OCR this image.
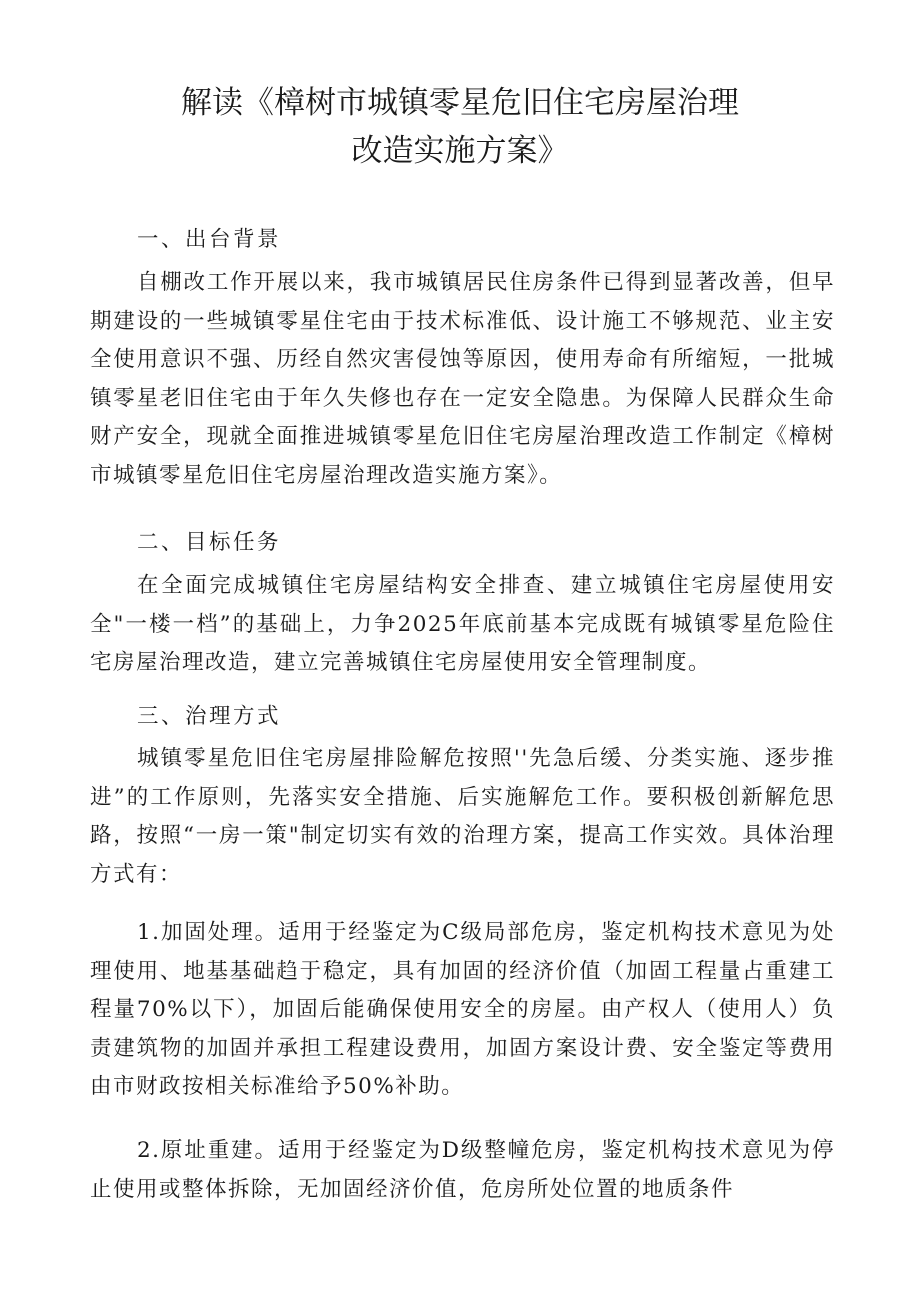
解读《樟树市城镇零星危旧住宅房屋治理
改造实施方案》

一、出台背景

自棚改工作开展以来，我市城镇居民住房条件已得到显著改善，但早期建设的一些城镇零星住宅由于技术标准低、设计施工不够规范、业主安全使用意识不强、历经自然灾害侵蚀等原因，使用寿命有所缩短，一批城镇零星老旧住宅由于年久失修也存在一定安全隐患。为保障人民群众生命财产安全，现就全面推进城镇零星危旧住宅房屋治理改造工作制定《樟树市城镇零星危旧住宅房屋治理改造实施方案》。

二、目标任务

在全面完成城镇住宅房屋结构安全排查、建立城镇住宅房屋使用安全"一楼一档”的基础上，力争2025年底前基本完成既有城镇零星危险住宅房屋治理改造，建立完善城镇住宅房屋使用安全管理制度。

三、治理方式

城镇零星危旧住宅房屋排险解危按照''先急后缓、分类实施、逐步推进”的工作原则，先落实安全措施、后实施解危工作。要积极创新解危思路，按照“一房一策"制定切实有效的治理方案，提高工作实效。具体治理方式有：

1.加固处理。适用于经鉴定为C级局部危房，鉴定机构技术意见为处理使用、地基基础趋于稳定，具有加固的经济价值（加固工程量占重建工程量70%以下），加固后能确保使用安全的房屋。由产权人（使用人）负责建筑物的加固并承担工程建设费用，加固方案设计费、安全鉴定等费用由市财政按相关标准给予50%补助。

2.原址重建。适用于经鉴定为D级整幢危房，鉴定机构技术意见为停止使用或整体拆除，无加固经济价值，危房所处位置的地质条件
